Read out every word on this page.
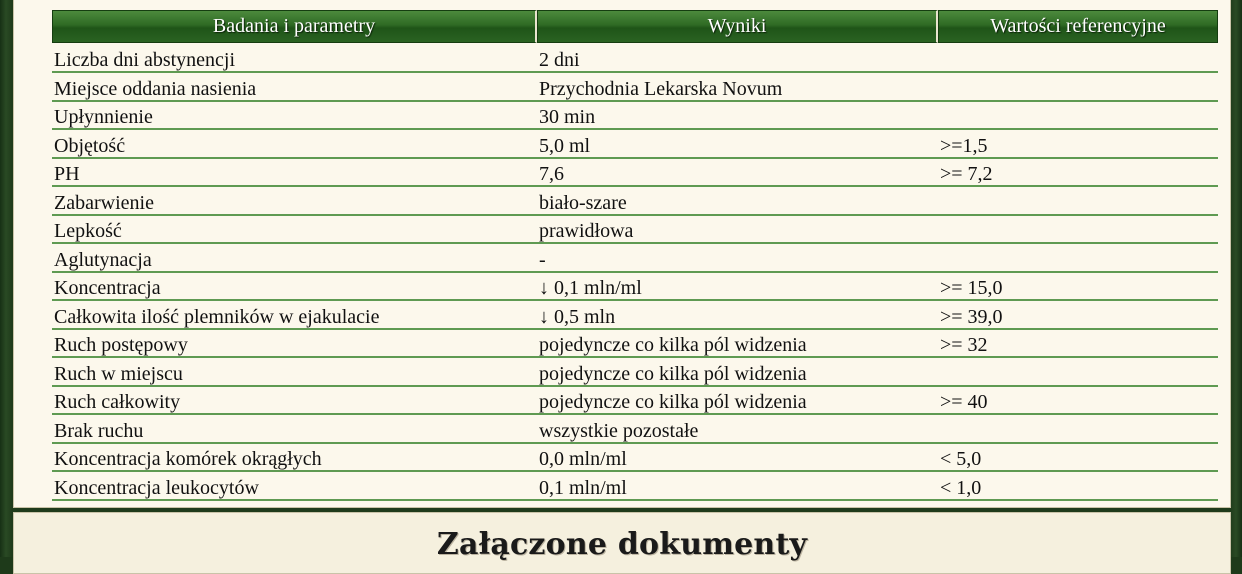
Badania i parametry	Wyniki	Wartości referencyjne
Liczba dni abstynencji	2 dni	
Miejsce oddania nasienia	Przychodnia Lekarska Novum	
Upłynnienie	30 min	
Objętość	5,0 ml	>=1,5
PH	7,6	>= 7,2
Zabarwienie	biało-szare	
Lepkość	prawidłowa	
Aglutynacja	-	
Koncentracja	↓ 0,1 mln/ml	>= 15,0
Całkowita ilość plemników w ejakulacie	↓ 0,5 mln	>= 39,0
Ruch postępowy	pojedyncze co kilka pól widzenia	>= 32
Ruch w miejscu	pojedyncze co kilka pól widzenia	
Ruch całkowity	pojedyncze co kilka pól widzenia	>= 40
Brak ruchu	wszystkie pozostałe	
Koncentracja komórek okrągłych	0,0 mln/ml	< 5,0
Koncentracja leukocytów	0,1 mln/ml	< 1,0
Załączone dokumenty
